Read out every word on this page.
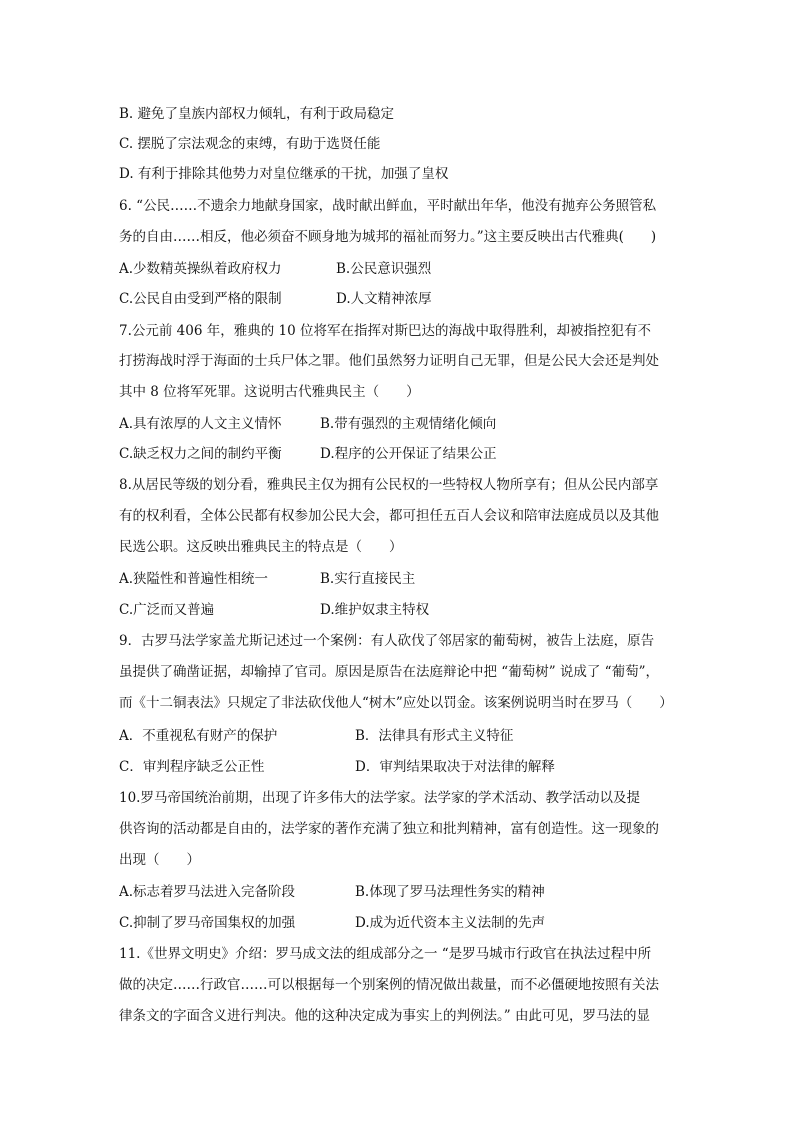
B. 避免了皇族内部权力倾轧，有利于政局稳定
C. 摆脱了宗法观念的束缚，有助于选贤任能
D. 有利于排除其他势力对皇位继承的干扰，加强了皇权
6. “公民……不遗余力地献身国家，战时献出鲜血，平时献出年华，他没有抛弃公务照管私
务的自由……相反，他必须奋不顾身地为城邦的福祉而努力。”这主要反映出古代雅典(　　)
A.少数精英操纵着政府权力	B.公民意识强烈
C.公民自由受到严格的限制	D.人文精神浓厚
7.公元前 406 年，雅典的 10 位将军在指挥对斯巴达的海战中取得胜利，却被指控犯有不
打捞海战时浮于海面的士兵尸体之罪。他们虽然努力证明自己无罪，但是公民大会还是判处
其中 8 位将军死罪。这说明古代雅典民主（　　）
A.具有浓厚的人文主义情怀	B.带有强烈的主观情绪化倾向
C.缺乏权力之间的制约平衡	D.程序的公开保证了结果公正
8.从居民等级的划分看，雅典民主仅为拥有公民权的一些特权人物所享有；但从公民内部享
有的权利看，全体公民都有权参加公民大会，都可担任五百人会议和陪审法庭成员以及其他
民选公职。这反映出雅典民主的特点是（　　）
A.狭隘性和普遍性相统一	B.实行直接民主
C.广泛而又普遍	D.维护奴隶主特权
9．古罗马法学家盖尤斯记述过一个案例：有人砍伐了邻居家的葡萄树，被告上法庭，原告
虽提供了确凿证据，却输掉了官司。原因是原告在法庭辩论中把 “葡萄树” 说成了 “葡萄”，
而《十二铜表法》只规定了非法砍伐他人“树木”应处以罚金。该案例说明当时在罗马（　　）
A．不重视私有财产的保护	B．法律具有形式主义特征
C．审判程序缺乏公正性	D．审判结果取决于对法律的解释
10.罗马帝国统治前期，出现了许多伟大的法学家。法学家的学术活动、教学活动以及提
供咨询的活动都是自由的，法学家的著作充满了独立和批判精神，富有创造性。这一现象的
出现（　　）
A.标志着罗马法进入完备阶段	B.体现了罗马法理性务实的精神
C.抑制了罗马帝国集权的加强	D.成为近代资本主义法制的先声
11.《世界文明史》介绍：罗马成文法的组成部分之一 “是罗马城市行政官在执法过程中所
做的决定……行政官……可以根据每一个别案例的情况做出裁量，而不必僵硬地按照有关法
律条文的字面含义进行判决。他的这种决定成为事实上的判例法。” 由此可见，罗马法的显
